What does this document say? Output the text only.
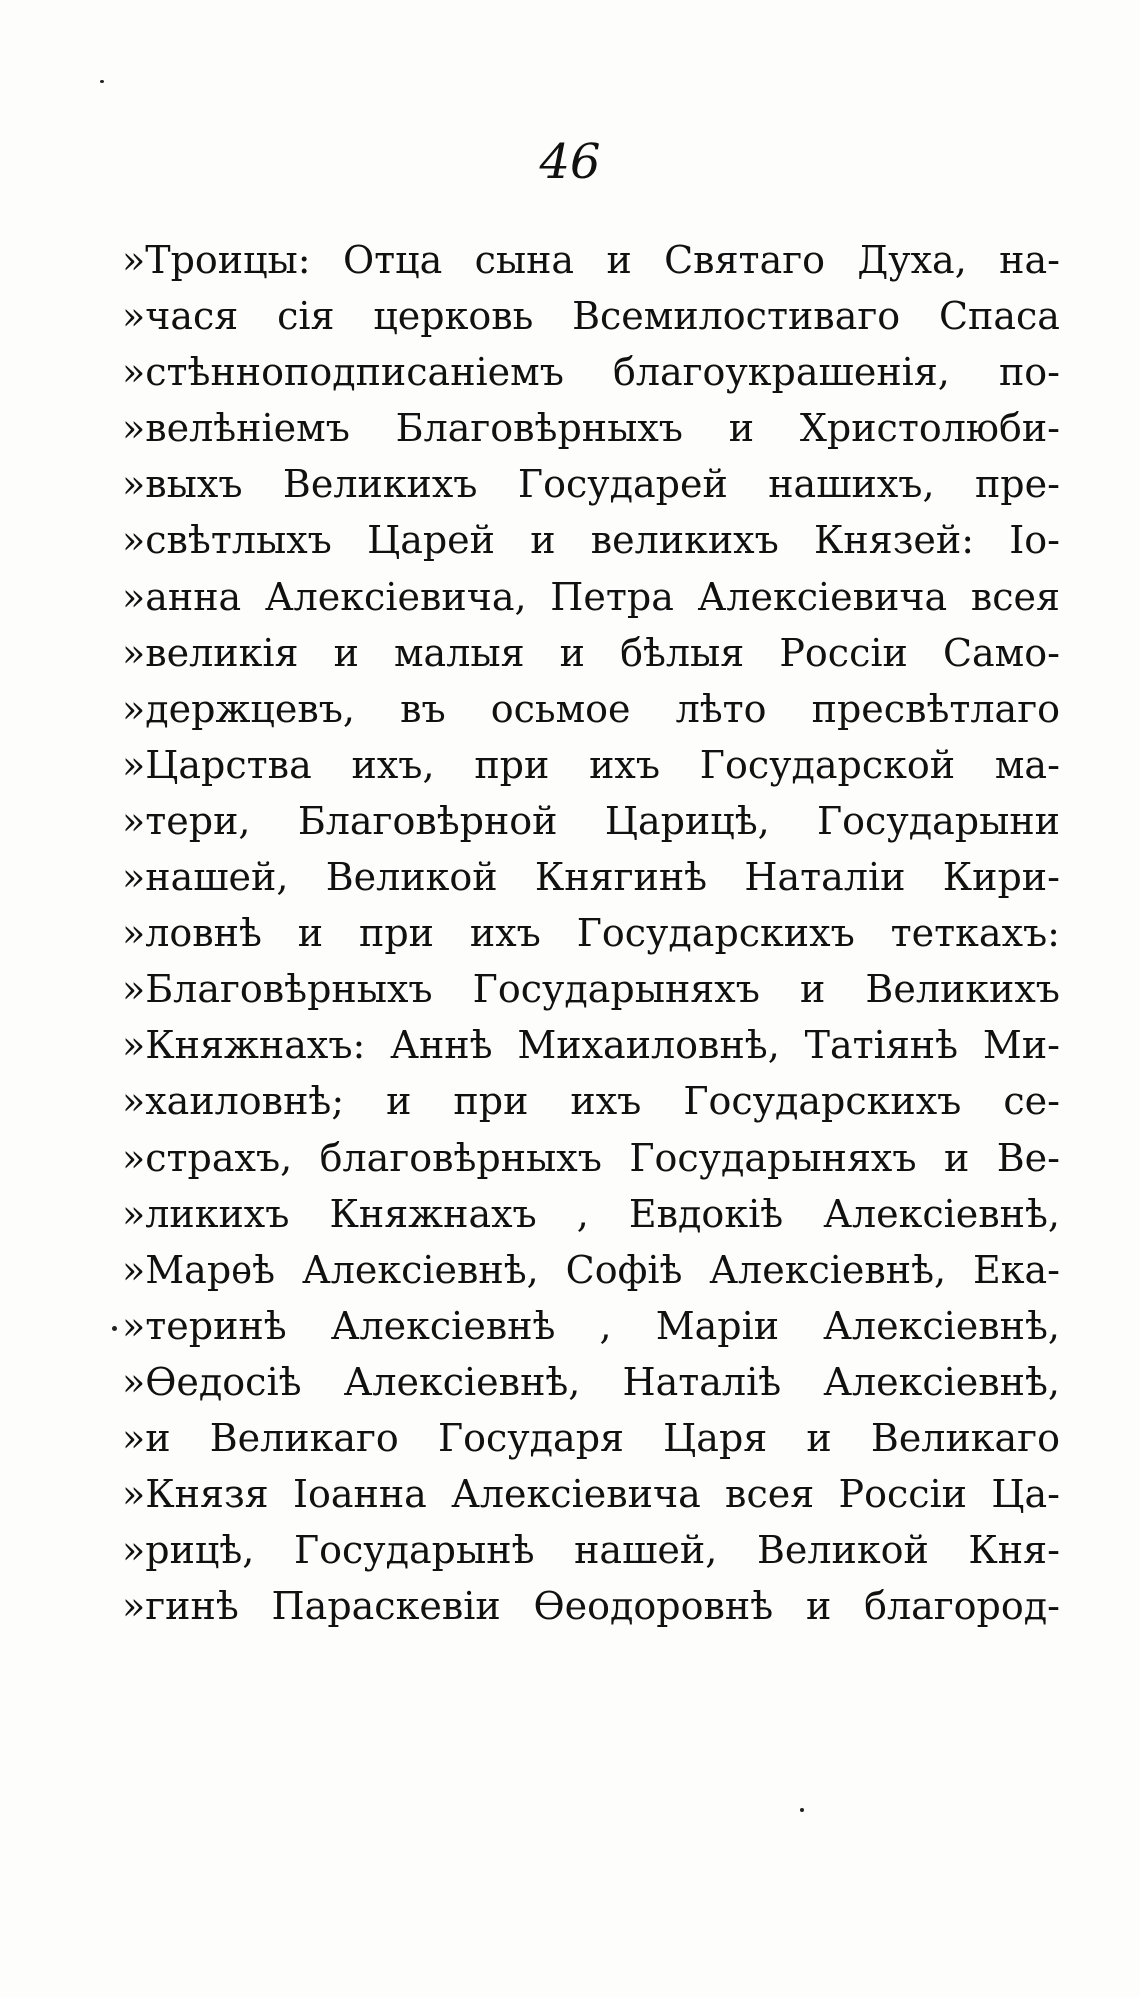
46
»Троицы: Отца сына и Святаго Духа, на-
»чася сія церковь Всемилостиваго Спаса
»стѣннοподписаніемъ благоукрашенія, по-
»велѣніемъ Благовѣрныхъ и Христолюби-
»выхъ Великихъ Государей нашихъ, пре-
»свѣтлыхъ Царей и великихъ Князей: Іо-
»анна Алексіевича, Петра Алексіевича всея
»великія и малыя и бѣлыя Россіи Само-
»держцевъ, въ осьмое лѣто пресвѣтлаго
»Царства ихъ, при ихъ Государской ма-
»тери, Благовѣрной Царицѣ, Государыни
»нашей, Великой Княгинѣ Наталіи Кири-
»ловнѣ и при ихъ Государскихъ теткахъ:
»Благовѣрныхъ Государыняхъ и Великихъ
»Княжнахъ: Аннѣ Михаиловнѣ, Татіянѣ Ми-
»хаиловнѣ; и при ихъ Государскихъ се-
»страхъ, благовѣрныхъ Государыняхъ и Ве-
»ликихъ Княжнахъ , Евдокіѣ Алексіевнѣ,
»Марѳѣ Алексіевнѣ, Софіѣ Алексіевнѣ, Ека-
»теринѣ Алексіевнѣ , Маріи Алексіевнѣ,
»Ѳедосіѣ Алексіевнѣ, Наталіѣ Алексіевнѣ,
»и Великаго Государя Царя и Великаго
»Князя Іоанна Алексіевича всея Россіи Ца-
»рицѣ, Государынѣ нашей, Великой Кня-
»гинѣ Параскевіи Ѳеодоровнѣ и благород-
